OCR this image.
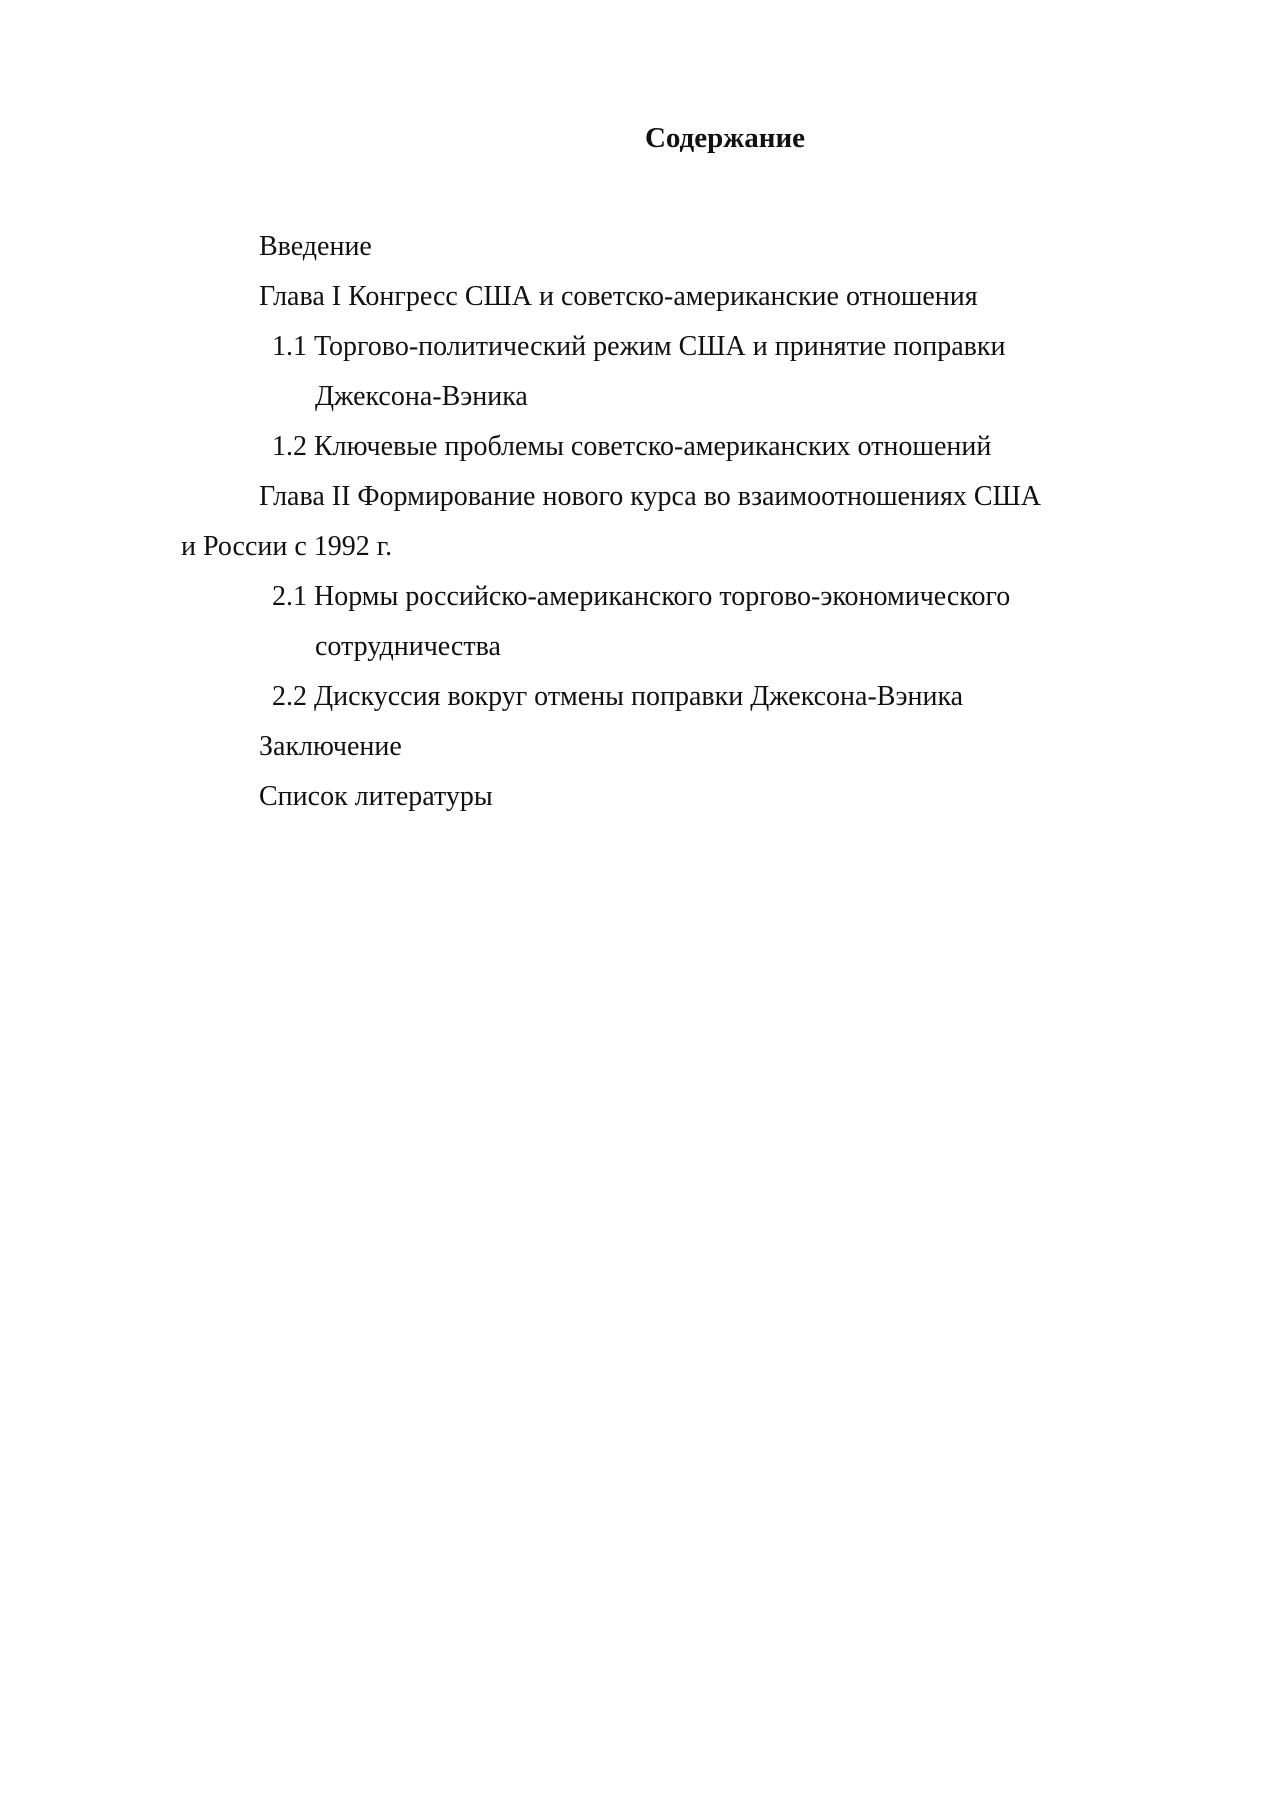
Содержание
Введение
Глава I Конгресс США и советско-американские отношения
1.1 Торгово-политический режим США и принятие поправки
Джексона-Вэника
1.2 Ключевые проблемы советско-американских отношений
Глава II Формирование нового курса во взаимоотношениях США
и России с 1992 г.
2.1 Нормы российско-американского торгово-экономического
сотрудничества
2.2 Дискуссия вокруг отмены поправки Джексона-Вэника
Заключение
Список литературы
